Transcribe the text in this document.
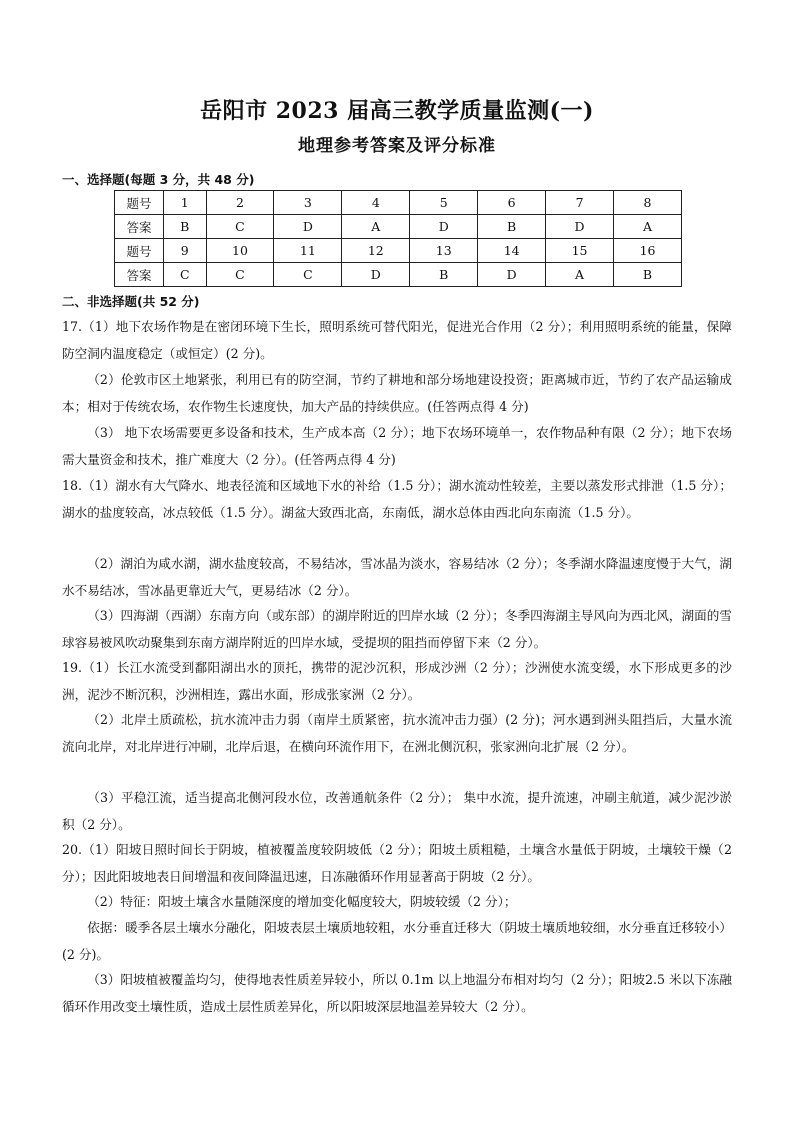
岳阳市 2023 届高三教学质量监测(一)
地理参考答案及评分标准
一、选择题(每题 3 分，共 48 分)
题号	1	2	3	4	5	6	7	8
答案	B	C	D	A	D	B	D	A
题号	9	10	11	12	13	14	15	16
答案	C	C	C	D	B	D	A	B
二、非选择题(共 52 分)
17.（1）地下农场作物是在密闭环境下生长，照明系统可替代阳光，促进光合作用（2 分）；利用照明系统的能量，保障防空洞内温度稳定（或恒定）(2 分)。
（2）伦敦市区土地紧张，利用已有的防空洞，节约了耕地和部分场地建设投资；距离城市近，节约了农产品运输成本；相对于传统农场，农作物生长速度快，加大产品的持续供应。(任答两点得 4 分)
（3） 地下农场需要更多设备和技术，生产成本高（2 分）；地下农场环境单一，农作物品种有限（2 分）；地下农场需大量资金和技术，推广难度大（2 分）。(任答两点得 4 分)
18.（1）湖水有大气降水、地表径流和区域地下水的补给（1.5 分）；湖水流动性较差，主要以蒸发形式排泄（1.5 分）；湖水的盐度较高，冰点较低（1.5 分）。湖盆大致西北高，东南低，湖水总体由西北向东南流（1.5 分）。
（2）湖泊为咸水湖，湖水盐度较高，不易结冰，雪冰晶为淡水，容易结冰（2 分）；冬季湖水降温速度慢于大气，湖水不易结冰，雪冰晶更靠近大气，更易结冰（2 分）。
（3）四海湖（西湖）东南方向（或东部）的湖岸附近的凹岸水域（2 分）；冬季四海湖主导风向为西北风，湖面的雪球容易被风吹动聚集到东南方湖岸附近的凹岸水域，受提坝的阻挡而停留下来（2 分）。
19.（1）长江水流受到鄱阳湖出水的顶托，携带的泥沙沉积，形成沙洲（2 分）；沙洲使水流变缓，水下形成更多的沙洲，泥沙不断沉积，沙洲相连，露出水面，形成张家洲（2 分）。
（2）北岸土质疏松，抗水流冲击力弱（南岸土质紧密，抗水流冲击力强）(2 分)；河水遇到洲头阻挡后，大量水流流向北岸，对北岸进行冲刷，北岸后退，在横向环流作用下，在洲北侧沉积，张家洲向北扩展（2 分）。
（3）平稳江流，适当提高北侧河段水位，改善通航条件（2 分）； 集中水流，提升流速，冲刷主航道，减少泥沙淤积（2 分）。
20.（1）阳坡日照时间长于阴坡，植被覆盖度较阴坡低（2 分）；阳坡土质粗糙，土壤含水量低于阴坡，土壤较干燥（2 分）；因此阳坡地表日间增温和夜间降温迅速，日冻融循环作用显著高于阴坡（2 分）。
（2）特征：阳坡土壤含水量随深度的增加变化幅度较大，阴坡较缓（2 分）；
依据：暖季各层土壤水分融化，阳坡表层土壤质地较粗，水分垂直迁移大（阴坡土壤质地较细，水分垂直迁移较小）(2 分)。
（3）阳坡植被覆盖均匀，使得地表性质差异较小，所以 0.1m 以上地温分布相对均匀（2 分）；阳坡2.5 米以下冻融循环作用改变土壤性质，造成土层性质差异化，所以阳坡深层地温差异较大（2 分）。
